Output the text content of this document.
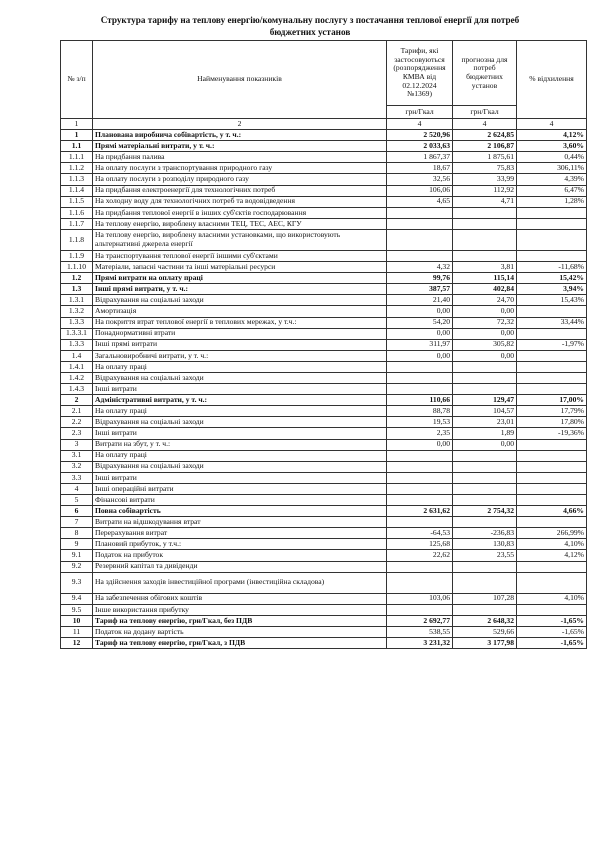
Структура тарифу на теплову енергію/комунальну послугу з постачання теплової енергії для потреб
бюджетних установ
№ з/п	Найменування показників	Тарифи, які застосовуються (розпорядження КМВА від 02.12.2024 №1369)	прогнозна для потреб бюджетних установ	% відхилення
		грн/Гкал	грн/Гкал	
1	2	4	4	4
1	Планована виробнича собівартість, у т. ч.:	2 520,96	2 624,85	4,12%
1.1	Прямі матеріальні витрати, у т. ч.:	2 033,63	2 106,87	3,60%
1.1.1	На придбання палива	1 867,37	1 875,61	0,44%
1.1.2	На оплату послуги з транспортування природного газу	18,67	75,83	306,11%
1.1.3	На оплату послуги з розподілу природного газу	32,56	33,99	4,39%
1.1.4	На придбання електроенергії для технологічних потреб	106,06	112,92	6,47%
1.1.5	На холодну воду для технологічних потреб та водовідведення	4,65	4,71	1,28%
1.1.6	На придбання теплової енергії в інших суб'єктів господарювання			
1.1.7	На теплову енергію, вироблену власними ТЕЦ, ТЕС, АЕС, КГУ			
1.1.8	На теплову енергію, вироблену власними установками, що використовують альтернативні джерела енергії			
1.1.9	На транспортування теплової енергії іншими суб'єктами			
1.1.10	Матеріали, запасні частини та інші матеріальні ресурси	4,32	3,81	-11,68%
1.2	Прямі витрати на оплату праці	99,76	115,14	15,42%
1.3	Інші прямі витрати, у т. ч.:	387,57	402,84	3,94%
1.3.1	Відрахування на соціальні заходи	21,40	24,70	15,43%
1.3.2	Амортизація	0,00	0,00	
1.3.3	На покриття втрат теплової енергії в теплових мережах, у т.ч.:	54,20	72,32	33,44%
1.3.3.1	Понаднормативні втрати	0,00	0,00	
1.3.3	Інші прямі витрати	311,97	305,82	-1,97%
1.4	Загальновиробничі витрати, у т. ч.:	0,00	0,00	
1.4.1	На оплату праці			
1.4.2	Відрахування на соціальні заходи			
1.4.3	Інші витрати			
2	Адміністративні витрати, у т. ч.:	110,66	129,47	17,00%
2.1	На оплату праці	88,78	104,57	17,79%
2.2	Відрахування на соціальні заходи	19,53	23,01	17,80%
2.3	Інші витрати	2,35	1,89	-19,36%
3	Витрати на збут, у т. ч.:	0,00	0,00	
3.1	На оплату праці			
3.2	Відрахування на соціальні заходи			
3.3	Інші витрати			
4	Інші операційні витрати			
5	Фінансові витрати			
6	Повна собівартість	2 631,62	2 754,32	4,66%
7	Витрати на відшкодування втрат			
8	Перерахування витрат	-64,53	-236,83	266,99%
9	Плановий прибуток, у т.ч.:	125,68	130,83	4,10%
9.1	Податок на прибуток	22,62	23,55	4,12%
9.2	Резервний капітал та дивіденди			
9.3	На здійснення заходів інвестиційної програми (інвестиційна складова)			
9.4	На забезпечення обігових коштів	103,06	107,28	4,10%
9.5	Інше використання прибутку			
10	Тариф на теплову енергію, грн/Гкал, без ПДВ	2 692,77	2 648,32	-1,65%
11	Податок на додану вартість	538,55	529,66	-1,65%
12	Тариф на теплову енергію, грн/Гкал, з ПДВ	3 231,32	3 177,98	-1,65%
